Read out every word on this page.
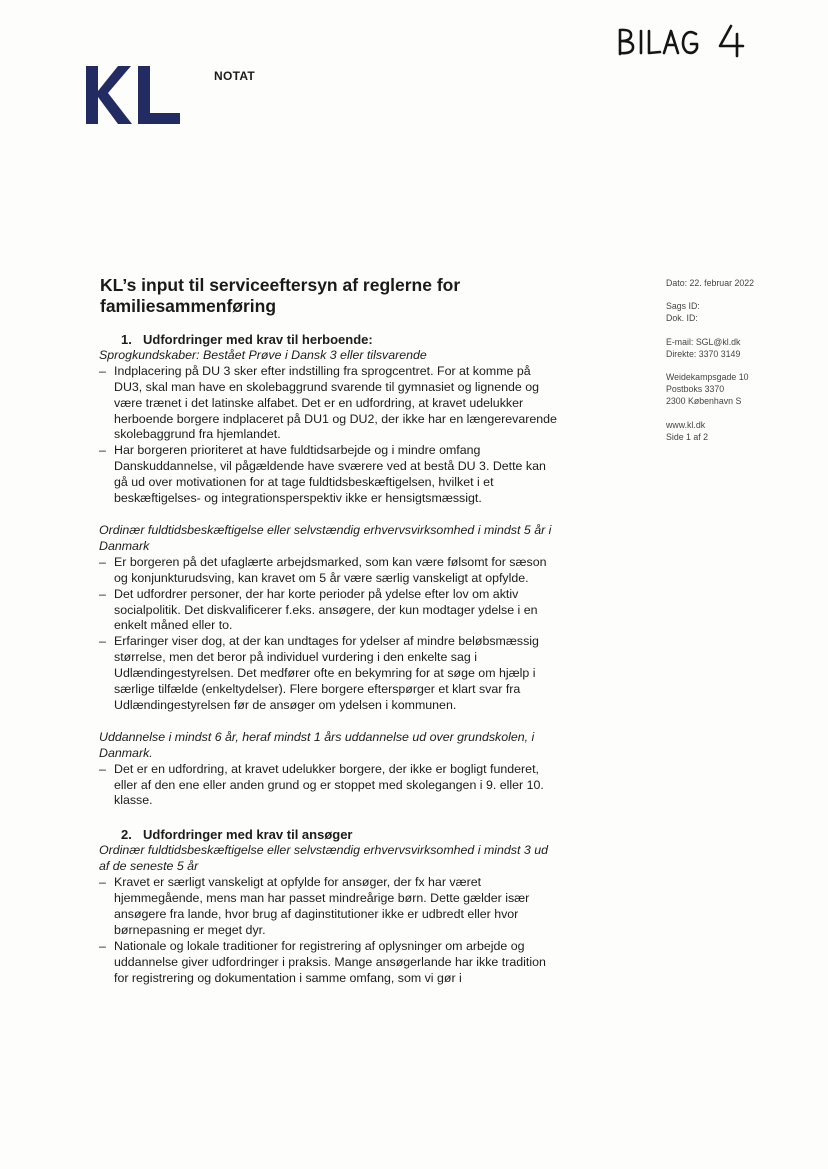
NOTAT
KL’s input til serviceeftersyn af reglerne for familiesammenføring
Dato: 22. februar 2022
Sags ID:
Dok. ID:
E-mail: SGL@kl.dk
Direkte: 3370 3149
Weidekampsgade 10
Postboks 3370
2300 København S
www.kl.dk
Side 1 af 2
1. Udfordringer med krav til herboende:
Sprogkundskaber: Bestået Prøve i Dansk 3 eller tilsvarende
– Indplacering på DU 3 sker efter indstilling fra sprogcentret. For at komme på DU3, skal man have en skolebaggrund svarende til gymnasiet og lignende og være trænet i det latinske alfabet. Det er en udfordring, at kravet udelukker herboende borgere indplaceret på DU1 og DU2, der ikke har en længerevarende skolebaggrund fra hjemlandet.
– Har borgeren prioriteret at have fuldtidsarbejde og i mindre omfang Danskuddannelse, vil pågældende have sværere ved at bestå DU 3. Dette kan gå ud over motivationen for at tage fuldtidsbeskæftigelsen, hvilket i et beskæftigelses- og integrationsperspektiv ikke er hensigtsmæssigt.
Ordinær fuldtidsbeskæftigelse eller selvstændig erhvervsvirksomhed i mindst 5 år i Danmark
– Er borgeren på det ufaglærte arbejdsmarked, som kan være følsomt for sæson og konjunkturudsving, kan kravet om 5 år være særlig vanskeligt at opfylde.
– Det udfordrer personer, der har korte perioder på ydelse efter lov om aktiv socialpolitik. Det diskvalificerer f.eks. ansøgere, der kun modtager ydelse i en enkelt måned eller to.
– Erfaringer viser dog, at der kan undtages for ydelser af mindre beløbsmæssig størrelse, men det beror på individuel vurdering i den enkelte sag i Udlændingestyrelsen. Det medfører ofte en bekymring for at søge om hjælp i særlige tilfælde (enkeltydelser). Flere borgere efterspørger et klart svar fra Udlændingestyrelsen før de ansøger om ydelsen i kommunen.
Uddannelse i mindst 6 år, heraf mindst 1 års uddannelse ud over grundskolen, i Danmark.
– Det er en udfordring, at kravet udelukker borgere, der ikke er bogligt funderet, eller af den ene eller anden grund og er stoppet med skolegangen i 9. eller 10. klasse.
2. Udfordringer med krav til ansøger
Ordinær fuldtidsbeskæftigelse eller selvstændig erhvervsvirksomhed i mindst 3 ud af de seneste 5 år
– Kravet er særligt vanskeligt at opfylde for ansøger, der fx har været hjemmegående, mens man har passet mindreårige børn. Dette gælder især ansøgere fra lande, hvor brug af daginstitutioner ikke er udbredt eller hvor børnepasning er meget dyr.
– Nationale og lokale traditioner for registrering af oplysninger om arbejde og uddannelse giver udfordringer i praksis. Mange ansøgerlande har ikke tradition for registrering og dokumentation i samme omfang, som vi gør i
